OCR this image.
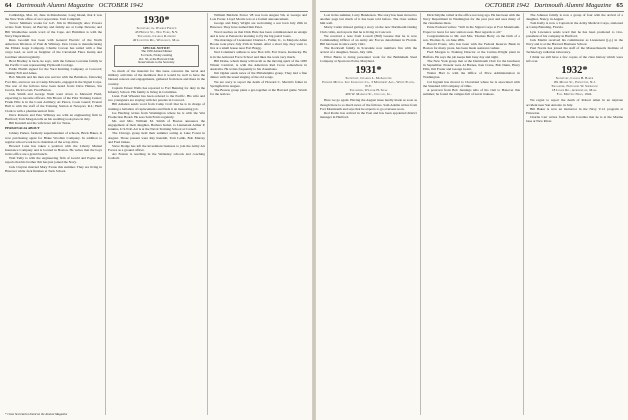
64 Dartmouth Alumni Magazine OCTOBER 1942

Cambridge, Mar. 10, June in Manchester, Long Island, that it was the New York office of an Corporation. Tom Campbell.

Trevor Smithers works for G.E. Jim in Pittsburgh; Alec Powers writes from Texas; Al Barclay and family are at Camp Devens; and Bill Weatherbee sends word of the Cape. Art Hamilton is with the Navy Department.

Russ Goodell has been with General Electric of the North American Division of Pratt & Whitney. Don Crane is manufacturing the Elmira Gage Company. Charlie Corson has sailed with a fine cargo load, as well as freighter of the Cleveland Fleet. Kemp and Gardiner attend regularly.

Brad Bradley is back, he says, with the famous Lorraine family in the Pacific Coast representing Plymouth Cordage.

Eddie Plumb signed for the Yard Knitting Company at Concord; Tommy Fell and Ames.

Bob Shields and his men saw service with the Battalion, following Fort Dix, and now are at Camp Edwards, engaged in the Signal Corps. The rest of the fellows have been heard from: Dave Haines, Stu Jacobs, Dick Lovett, Fred Barton.

Jack Smith and George Nash went down to Maxwell Field, expecting to become officers. Jim Brown of the Pilot Training Center; Frank Ellis is in the Coast Artillery; Al Pierce, Coast Guard; Everett Hall is with the staff of the Training Station at Newport, R.I.; Herb Clark is with a pharmaceutical firm.

Dave Roberts and Pete Whitney are with an engineering firm in Hartford; Tom Morgan tells us his wedding took place in July.

Bill Kendall and his wife have left for Texas.

PERSONALIA ABOUT

Johnny Parker, formerly superintendent of schools, Brick Baker, is now purchasing agent for Blake Woollen Company. In addition to regular school work he is chairman of the scrap drive.

Howard Lane has taken a position with the Liberty Mutual Insurance Company and is located in Boston. He writes that the boys in his office are a grand bunch.

Walt Tully is with the engineering firm of Gould and Payne and reports that his brother Jim has just joined the Navy.

Jack Clayton married Mary Evans this summer. They are living in Hanover while Jack finishes at Tuck School.

1930*
Secretary, G. Warren French
43 Hudson St., New York, N.Y.
Treasurer, Charles Raymond
40 Leighton Rd., Wellesley, Mass.
SPECIAL NOTICE!
The 1930 Annual Dinner
8 o'clock, Friday evening
Oct. 30, at the Harvard Club
Reservations to the Secretary

So much of the material for this issue concerns the naval and military activities of the members that it would be well to have the blessed renown and engagements, gathered from here and there in the country.

Captain Ernest Wells has reported to Fort Benning for duty in the Infantry School. His family is living in Columbus.

Lieut. Paul Wheeler has been ordered to the Pacific. His wife and two youngsters are staying with her parents in Concord.

Bill Amsden sends word from Camp Croft that he is in charge of training a battalion of replacements and finds it an interesting job.

Joe Harding writes from Washington where he is with the War Production Board. He sees Sam Ferris regularly.

Mr. and Mrs. William M. Smith of Boston announce the engagement of their daughter, Barbara Isabel, to Lieutenant Arthur P. Jenkins, U.S.N.R. Art is at the Naval Training School at Cornell.

The Chicago group held their summer outing at Lake Forest in August. Those present were Ray Kendall, Tom Lamb, Bob Murray and Fred Oakes.

Steve Dodge has left the investment business to join the Army Air Forces as a ground officer.

Art Fenton is teaching in the Wellesley schools and coaching football.

William Baldwin Porter '28 was born August 5th, at George and Lois Porter. Lloyd Morris was at a formal announcement.

George and Mary Wright are welcoming a son born July 20th in Hanover. They have named him Peter.

Word reaches us that Dick Hale has been commissioned an ensign and is now at Pensacola learning to fly the big patrol boats.

The marriage of Lieutenant Charles L. Fuller, Jr., to Marjorie Allen Boone took place July 25th in Salem. After a short trip, they went to live at a small house near Fort Bragg.

Ned Coleman's address is now Box 220, Fort Knox, Kentucky. He is in the Armored Force School and likes the work very much.

Bill Drake, whom many will recall as the moving spirit of the 1930 Winter Carnival, is with the American Red Cross somewhere in Australia. He writes frequently to his classmates.

Jim Ogden sends news of the Philadelphia group. They had a fine dinner with the usual singing of the old songs.

We are sorry to report the death of Howard C. Merritt's father in Springfield in August.

The Boston group plans a get-together at the Harvard game. Watch for the notices.

* Class Secretaries listed on the Alumni Magazine
OCTOBER 1942 Dartmouth Alumni Magazine 65

Lost in the summer, Larry Henderson. The story has been moved to another page but much of it has been told before. The class wishes him well.

Marry Cutler missed getting a story on the new Dartmouth Outing Club cabin, and reports that he is living in Concord.

We received a note from Lowell (Bill) Greene that he is now Commanding Officer of an Army Air Forces detachment in Florida. Bill has been in since early 1941.

The Rockwell family in Scarsdale now numbers five with the arrival of a daughter, Susan, July 12th.

Elliot Burns is doing personnel work for the Bethlehem Steel Company at Sparrows Point, Maryland.

1931*
Secretary, Charles L. McAllister
Phoenix Mutual Life Insurance Co., 3 Monument Ave., White Plains, N.Y.
Treasurer, William H. Shaw
400 W. Madison St., Chicago, Ill.

Here we go again. Having the August issue hardly made as soon as though there is so much news of the fellows. Sam Adams writes from Fort Monmouth and says that he expects to go overseas soon.

Red Rorbo has arrived in the East and has been appointed district manager in Hartford.

Dick Smythe called at the office not long ago. He has been with the Navy Department in Washington for the past year and sees many of the classmates there.

Ernie Packard writes: "Still in the Signal Corps at Fort Monmouth. Expect to leave for new station soon. Best regards to all."

Congratulations to Mr. and Mrs. Thomas Berry on the birth of a son, Thomas Jr., on June 28th.

Harold Evans, who has been with the Federal Reserve Bank in Boston for many years, has been made assistant cashier.

Fred Morgan is Training Director at the Curtiss-Wright plant in Buffalo. He says the job keeps him busy day and night.

The New York group met at the Dartmouth Club for the luncheon in September. Present were Al Barnes, Ken Crane, Bob Dunn, Harry Ellis, Jim Foster and George Grant.

Walter Hart is with the Office of Price Administration in Washington.

Cal Ingram has moved to Cleveland where he is associated with the Standard Oil Company of Ohio.

A postcard from Bob Jennings tells of his visit to Hanover this summer; he found the campus full of naval trainees.

The Johnson family is now a group of four with the arrival of a daughter, Nancy, in August.

Tom Kelly is now a Captain in the Army Medical Corps, stationed at Camp Blanding, Florida.

Lyle Lawrence sends word that he has been promoted to vice-president of his company in Hartford.

Jack Martin received his commission as Lieutenant (j.g.) in the Navy and is at the Harvard Business School.

Paul Norris has joined the staff of the Massachusetts Institute of Technology radiation laboratory.

I think we still have a few copies of the class history which were left over.

1932*
Secretary, Carlos H. Baker
181 Moore St., Princeton, N.J.
Treasurer, Nathaniel W. Sherwood
18 Leslie Rd., Auburndale, Mass.
Fall Meeting News, 1942.

We regret to report the death of Robert Allen in an airplane accident near San Antonio in July.

Bill Baker is now an instructor in the Navy V-12 program at Princeton.

Charlie Carr writes from North Carolina that he is at the Marine base at New River.
